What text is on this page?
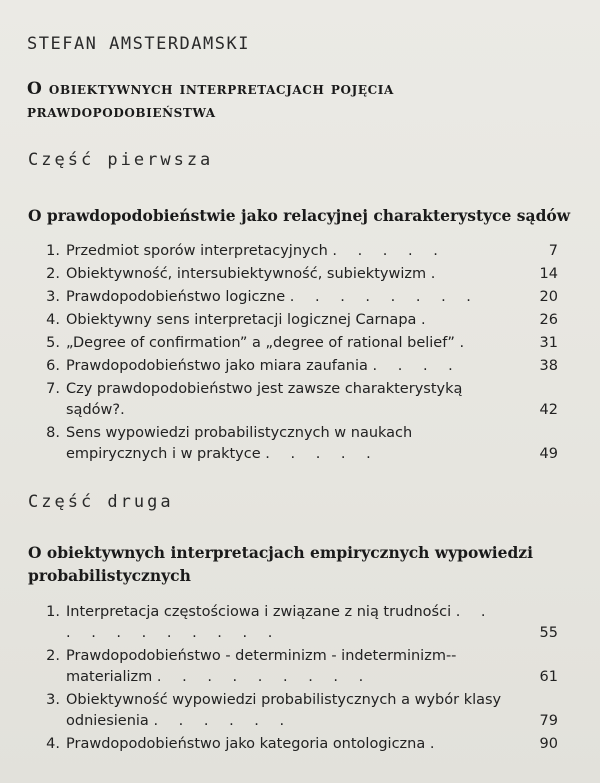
STEFAN AMSTERDAMSKI
O obiektywnych interpretacjach pojęcia prawdopodobieństwa
Część pierwsza
O prawdopodobieństwie jako relacyjnej charakterystyce sądów
1. Przedmiot sporów interpretacyjnych . . . . .	7
2. Obiektywność, intersubiektywność, subiektywizm .	14
3. Prawdopodobieństwo logiczne . . . . . . . .	20
4. Obiektywny sens interpretacji logicznej Carnapa .	26
5. „Degree of confirmation” a „degree of rational belief” .	31
6. Prawdopodobieństwo jako miara zaufania . . . .	38
7. Czy prawdopodobieństwo jest zawsze charakterystyką sądów?.	42
8. Sens wypowiedzi probabilistycznych w naukach empirycznych i w praktyce . . . . .	49
Część druga
O obiektywnych interpretacjach empirycznych wypowiedzi probabilistycznych
1. Interpretacja częstościowa i związane z nią trudności . . . . . . . . . . .	55
2. Prawdopodobieństwo - determinizm - indeterminizm--materializm . . . . . . . . .	61
3. Obiektywność wypowiedzi probabilistycznych a wybór klasy odniesienia . . . . . .	79
4. Prawdopodobieństwo jako kategoria ontologiczna .	90
